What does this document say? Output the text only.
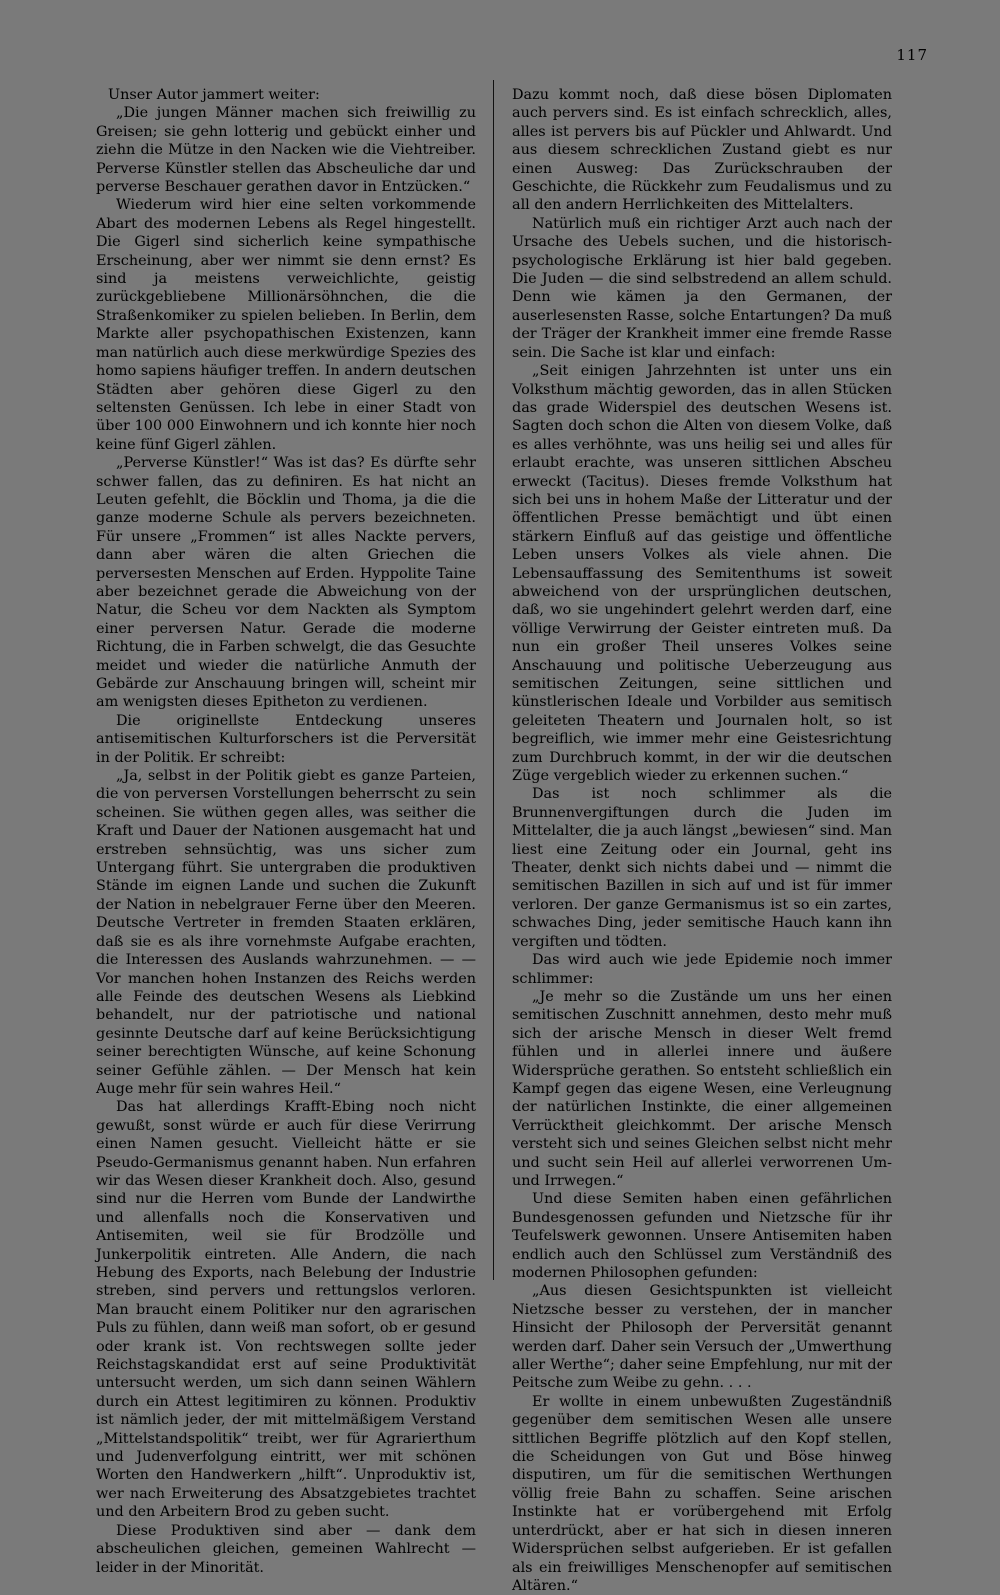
117

Unser Autor jammert weiter:

„Die jungen Männer machen sich freiwillig zu Greisen; sie gehn lotterig und gebückt einher und ziehn die Mütze in den Nacken wie die Viehtreiber. Perverse Künstler stellen das Abscheuliche dar und perverse Beschauer gerathen davor in Entzücken.“

Wiederum wird hier eine selten vorkommende Abart des modernen Lebens als Regel hingestellt. Die Gigerl sind sicherlich keine sympathische Erscheinung, aber wer nimmt sie denn ernst? Es sind ja meistens verweichlichte, geistig zurückgebliebene Millionärsöhnchen, die die Straßenkomiker zu spielen belieben. In Berlin, dem Markte aller psychopathischen Existenzen, kann man natürlich auch diese merkwürdige Spezies des homo sapiens häufiger treffen. In andern deutschen Städten aber gehören diese Gigerl zu den seltensten Genüssen. Ich lebe in einer Stadt von über 100 000 Einwohnern und ich konnte hier noch keine fünf Gigerl zählen.

„Perverse Künstler!“ Was ist das? Es dürfte sehr schwer fallen, das zu definiren. Es hat nicht an Leuten gefehlt, die Böcklin und Thoma, ja die die ganze moderne Schule als pervers bezeichneten. Für unsere „Frommen“ ist alles Nackte pervers, dann aber wären die alten Griechen die perversesten Menschen auf Erden. Hyppolite Taine aber bezeichnet gerade die Abweichung von der Natur, die Scheu vor dem Nackten als Symptom einer perversen Natur. Gerade die moderne Richtung, die in Farben schwelgt, die das Gesuchte meidet und wieder die natürliche Anmuth der Gebärde zur Anschauung bringen will, scheint mir am wenigsten dieses Epitheton zu verdienen.

Die originellste Entdeckung unseres antisemitischen Kulturforschers ist die Perversität in der Politik. Er schreibt:

„Ja, selbst in der Politik giebt es ganze Parteien, die von perversen Vorstellungen beherrscht zu sein scheinen. Sie wüthen gegen alles, was seither die Kraft und Dauer der Nationen ausgemacht hat und erstreben sehnsüchtig, was uns sicher zum Untergang führt. Sie untergraben die produktiven Stände im eignen Lande und suchen die Zukunft der Nation in nebelgrauer Ferne über den Meeren. Deutsche Vertreter in fremden Staaten erklären, daß sie es als ihre vornehmste Aufgabe erachten, die Interessen des Auslands wahrzunehmen. — — Vor manchen hohen Instanzen des Reichs werden alle Feinde des deutschen Wesens als Liebkind behandelt, nur der patriotische und national gesinnte Deutsche darf auf keine Berücksichtigung seiner berechtigten Wünsche, auf keine Schonung seiner Gefühle zählen. — Der Mensch hat kein Auge mehr für sein wahres Heil.“

Das hat allerdings Krafft-Ebing noch nicht gewußt, sonst würde er auch für diese Verirrung einen Namen gesucht. Vielleicht hätte er sie Pseudo-Germanismus genannt haben. Nun erfahren wir das Wesen dieser Krankheit doch. Also, gesund sind nur die Herren vom Bunde der Landwirthe und allenfalls noch die Konservativen und Antisemiten, weil sie für Brodzölle und Junkerpolitik eintreten. Alle Andern, die nach Hebung des Exports, nach Belebung der Industrie streben, sind pervers und rettungslos verloren. Man braucht einem Politiker nur den agrarischen Puls zu fühlen, dann weiß man sofort, ob er gesund oder krank ist. Von rechtswegen sollte jeder Reichstagskandidat erst auf seine Produktivität untersucht werden, um sich dann seinen Wählern durch ein Attest legitimiren zu können. Produktiv ist nämlich jeder, der mit mittelmäßigem Verstand „Mittelstandspolitik“ treibt, wer für Agrarierthum und Judenverfolgung eintritt, wer mit schönen Worten den Handwerkern „hilft“. Unproduktiv ist, wer nach Erweiterung des Absatzgebietes trachtet und den Arbeitern Brod zu geben sucht.

Diese Produktiven sind aber — dank dem abscheulichen gleichen, gemeinen Wahlrecht — leider in der Minorität.

Dazu kommt noch, daß diese bösen Diplomaten auch pervers sind. Es ist einfach schrecklich, alles, alles ist pervers bis auf Pückler und Ahlwardt. Und aus diesem schrecklichen Zustand giebt es nur einen Ausweg: Das Zurückschrauben der Geschichte, die Rückkehr zum Feudalismus und zu all den andern Herrlichkeiten des Mittelalters.

Natürlich muß ein richtiger Arzt auch nach der Ursache des Uebels suchen, und die historisch-psychologische Erklärung ist hier bald gegeben. Die Juden — die sind selbstredend an allem schuld. Denn wie kämen ja den Germanen, der auserlesensten Rasse, solche Entartungen? Da muß der Träger der Krankheit immer eine fremde Rasse sein. Die Sache ist klar und einfach:

„Seit einigen Jahrzehnten ist unter uns ein Volksthum mächtig geworden, das in allen Stücken das grade Widerspiel des deutschen Wesens ist. Sagten doch schon die Alten von diesem Volke, daß es alles verhöhnte, was uns heilig sei und alles für erlaubt erachte, was unseren sittlichen Abscheu erweckt (Tacitus). Dieses fremde Volksthum hat sich bei uns in hohem Maße der Litteratur und der öffentlichen Presse bemächtigt und übt einen stärkern Einfluß auf das geistige und öffentliche Leben unsers Volkes als viele ahnen. Die Lebensauffassung des Semitenthums ist soweit abweichend von der ursprünglichen deutschen, daß, wo sie ungehindert gelehrt werden darf, eine völlige Verwirrung der Geister eintreten muß. Da nun ein großer Theil unseres Volkes seine Anschauung und politische Ueberzeugung aus semitischen Zeitungen, seine sittlichen und künstlerischen Ideale und Vorbilder aus semitisch geleiteten Theatern und Journalen holt, so ist begreiflich, wie immer mehr eine Geistesrichtung zum Durchbruch kommt, in der wir die deutschen Züge vergeblich wieder zu erkennen suchen.“

Das ist noch schlimmer als die Brunnenvergiftungen durch die Juden im Mittelalter, die ja auch längst „bewiesen“ sind. Man liest eine Zeitung oder ein Journal, geht ins Theater, denkt sich nichts dabei und — nimmt die semitischen Bazillen in sich auf und ist für immer verloren. Der ganze Germanismus ist so ein zartes, schwaches Ding, jeder semitische Hauch kann ihn vergiften und tödten.

Das wird auch wie jede Epidemie noch immer schlimmer:

„Je mehr so die Zustände um uns her einen semitischen Zuschnitt annehmen, desto mehr muß sich der arische Mensch in dieser Welt fremd fühlen und in allerlei innere und äußere Widersprüche gerathen. So entsteht schließlich ein Kampf gegen das eigene Wesen, eine Verleugnung der natürlichen Instinkte, die einer allgemeinen Verrücktheit gleichkommt. Der arische Mensch versteht sich und seines Gleichen selbst nicht mehr und sucht sein Heil auf allerlei verworrenen Um- und Irrwegen.“

Und diese Semiten haben einen gefährlichen Bundesgenossen gefunden und Nietzsche für ihr Teufelswerk gewonnen. Unsere Antisemiten haben endlich auch den Schlüssel zum Verständniß des modernen Philosophen gefunden:

„Aus diesen Gesichtspunkten ist vielleicht Nietzsche besser zu verstehen, der in mancher Hinsicht der Philosoph der Perversität genannt werden darf. Daher sein Versuch der „Umwerthung aller Werthe“; daher seine Empfehlung, nur mit der Peitsche zum Weibe zu gehn. . . .

Er wollte in einem unbewußten Zugeständniß gegenüber dem semitischen Wesen alle unsere sittlichen Begriffe plötzlich auf den Kopf stellen, die Scheidungen von Gut und Böse hinweg disputiren, um für die semitischen Werthungen völlig freie Bahn zu schaffen. Seine arischen Instinkte hat er vorübergehend mit Erfolg unterdrückt, aber er hat sich in diesen inneren Widersprüchen selbst aufgerieben. Er ist gefallen als ein freiwilliges Menschenopfer auf semitischen Altären.“
